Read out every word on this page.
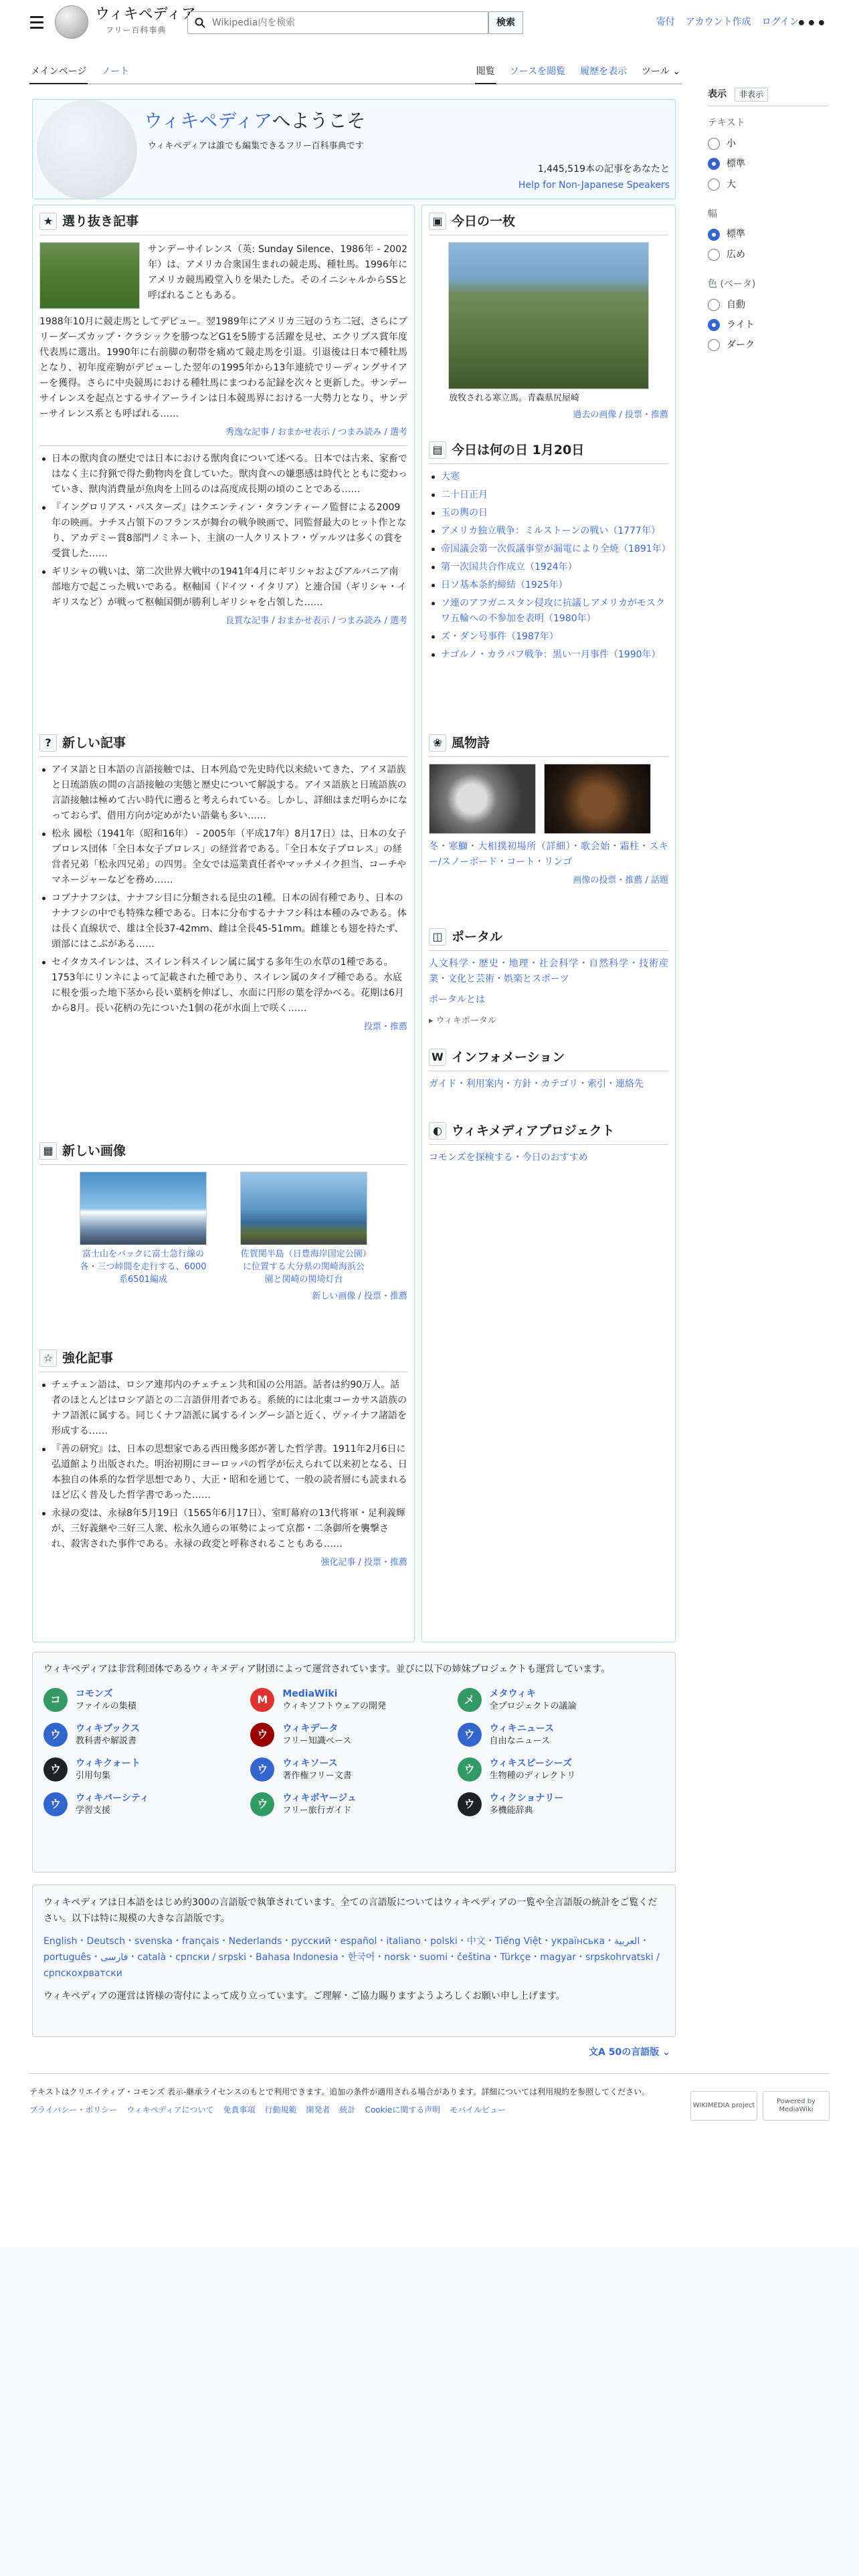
ウィキペディア
フリー百科事典
Wikipedia内を検索
検索	寄付 アカウント作成 ログイン
•••
メインページ ノート	閲覧 ソースを閲覧 履歴を表示 ツール ⌄
表示	非表示
テキスト
小
標準
大
幅
標準
広め
色 (ベータ)
自動
ライト
ダーク
ウィキペディアへようこそ
ウィキペディアは誰でも編集できるフリー百科事典です
1,445,519本の記事をあなたと
Help for Non-Japanese Speakers
★ 選り抜き記事
サンデーサイレンス（英: Sunday Silence、1986年 - 2002年）は、アメリカ合衆国生まれの競走馬、種牡馬。1996年にアメリカ競馬殿堂入りを果たした。そのイニシャルからSSと呼ばれることもある。
1988年10月に競走馬としてデビュー。翌1989年にアメリカ三冠のうち二冠、さらにブリーダーズカップ・クラシックを勝つなどG1を5勝する活躍を見せ、エクリプス賞年度代表馬に選出。1990年に右前脚の靭帯を痛めて競走馬を引退。引退後は日本で種牡馬となり、初年度産駒がデビューした翌年の1995年から13年連続でリーディングサイアーを獲得。さらに中央競馬における種牡馬にまつわる記録を次々と更新した。サンデーサイレンスを起点とするサイアーラインは日本競馬界における一大勢力となり、サンデーサイレンス系とも呼ばれる……
秀逸な記事 / おまかせ表示 / つまみ読み / 選考
日本の獣肉食の歴史では日本における獣肉食について述べる。日本では古来、家畜ではなく主に狩猟で得た動物肉を食していた。獣肉食への嫌悪感は時代とともに変わっていき、獣肉消費量が魚肉を上回るのは高度成長期の頃のことである……
『イングロリアス・バスターズ』はクエンティン・タランティーノ監督による2009年の映画。ナチス占領下のフランスが舞台の戦争映画で、同監督最大のヒット作となり、アカデミー賞8部門ノミネート、主演の一人クリストフ・ヴァルツは多くの賞を受賞した……
ギリシャの戦いは、第二次世界大戦中の1941年4月にギリシャおよびアルバニア南部地方で起こった戦いである。枢軸国（ドイツ・イタリア）と連合国（ギリシャ・イギリスなど）が戦って枢軸国側が勝利しギリシャを占領した……
良質な記事 / おまかせ表示 / つまみ読み / 選考
? 新しい記事
アイヌ語と日本語の言語接触では、日本列島で先史時代以来続いてきた、アイヌ語族と日琉語族の間の言語接触の実態と歴史について解説する。アイヌ語族と日琉語族の言語接触は極めて古い時代に遡ると考えられている。しかし、詳細はまだ明らかになっておらず、借用方向が定めがたい語彙も多い……
松永 國松（1941年（昭和16年） - 2005年（平成17年）8月17日）は、日本の女子プロレス団体「全日本女子プロレス」の経営者である。「全日本女子プロレス」の経営者兄弟「松永四兄弟」の四男。全女では巡業責任者やマッチメイク担当、コーチやマネージャーなどを務め……
コブナナフシは、ナナフシ目に分類される昆虫の1種。日本の固有種であり、日本のナナフシの中でも特殊な種である。日本に分布するナナフシ科は本種のみである。体は長く直線状で、雄は全長37-42mm、雌は全長45-51mm。雌雄とも翅を持たず、頭部にはこぶがある……
セイタカスイレンは、スイレン科スイレン属に属する多年生の水草の1種である。1753年にリンネによって記載された種であり、スイレン属のタイプ種である。水底に根を張った地下茎から長い葉柄を伸ばし、水面に円形の葉を浮かべる。花期は6月から8月。長い花柄の先についた1個の花が水面上で咲く……
投票・推薦
▦ 新しい画像
富士山をバックに富士急行線の各・三つ峠間を走行する、6000系6501編成
佐賀関半島（日豊海岸国定公園）に位置する大分県の関崎海浜公園と関崎の関埼灯台
新しい画像 / 投票・推薦
☆ 強化記事
チェチェン語は、ロシア連邦内のチェチェン共和国の公用語。話者は約90万人。話者のほとんどはロシア語との二言語併用者である。系統的には北東コーカサス語族のナフ語派に属する。同じくナフ語派に属するイングーシ語と近く、ヴァイナフ諸語を形成する……
『善の研究』は、日本の思想家である西田幾多郎が著した哲学書。1911年2月6日に弘道館より出版された。明治初期にヨーロッパの哲学が伝えられて以来初となる、日本独自の体系的な哲学思想であり、大正・昭和を通じて、一般の読者層にも読まれるほど広く普及した哲学書であった……
永禄の変は、永禄8年5月19日（1565年6月17日）、室町幕府の13代将軍・足利義輝が、三好義継や三好三人衆、松永久通らの軍勢によって京都・二条御所を襲撃され、殺害された事件である。永禄の政変と呼称されることもある……
強化記事 / 投票・推薦
▣ 今日の一枚
放牧される寒立馬。青森県尻屋崎
過去の画像 / 投票・推薦
▤ 今日は何の日 1月20日
大寒
二十日正月
玉の輿の日
アメリカ独立戦争：ミルストーンの戦い（1777年）
帝国議会第一次仮議事堂が漏電により全焼（1891年）
第一次国共合作成立（1924年）
日ソ基本条約締結（1925年）
ソ連のアフガニスタン侵攻に抗議しアメリカがモスクワ五輪への不参加を表明（1980年）
ズ・ダン号事件（1987年）
ナゴルノ・カラバフ戦争：黒い一月事件（1990年）
❀ 風物詩
冬・寒鰤・大相撲初場所（詳細）・歌会始・霜柱・スキー/スノーボード・コート・リンゴ
画像の投票・推薦 / 話題
◫ ポータル
人文科学・歴史・地理・社会科学・自然科学・技術産業・文化と芸術・娯楽とスポーツ
ポータルとは
▸ ウィキポータル
W インフォメーション
ガイド・利用案内・方針・カテゴリ・索引・連絡先
◐ ウィキメディアプロジェクト
コモンズを探検する・今日のおすすめ
ウィキペディアは非営利団体であるウィキメディア財団によって運営されています。並びに以下の姉妹プロジェクトも運営しています。
コ	コモンズ
ファイルの集積
M	MediaWiki
ウィキソフトウェアの開発
メ	メタウィキ
全プロジェクトの議論
ウ	ウィキブックス
教科書や解説書
ウ	ウィキデータ
フリー知識ベース
ウ	ウィキニュース
自由なニュース
ウ	ウィキクォート
引用句集
ウ	ウィキソース
著作権フリー文書
ウ	ウィキスピーシーズ
生物種のディレクトリ
ウ	ウィキバーシティ
学習支援
ウ	ウィキボヤージュ
フリー旅行ガイド
ウ	ウィクショナリー
多機能辞典
ウィキペディアは日本語をはじめ約300の言語版で執筆されています。全ての言語版についてはウィキペディアの一覧や全言語版の統計をご覧ください。以下は特に規模の大きな言語版です。
English・Deutsch・svenska・français・Nederlands・русский・español・italiano・polski・中文・Tiếng Việt・українська・العربية・português・فارسی・català・српски / srpski・Bahasa Indonesia・한국어・norsk・suomi・čeština・Türkçe・magyar・srpskohrvatski / српскохрватски
ウィキペディアの運営は皆様の寄付によって成り立っています。ご理解・ご協力賜りますようよろしくお願い申し上げます。
文A 50の言語版 ⌄
テキストはクリエイティブ・コモンズ 表示-継承ライセンスのもとで利用できます。追加の条件が適用される場合があります。詳細については利用規約を参照してください。
プライバシー・ポリシー ウィキペディアについて 免責事項 行動規範 開発者 統計 Cookieに関する声明 モバイルビュー	WIKIMEDIA project
Powered by MediaWiki
